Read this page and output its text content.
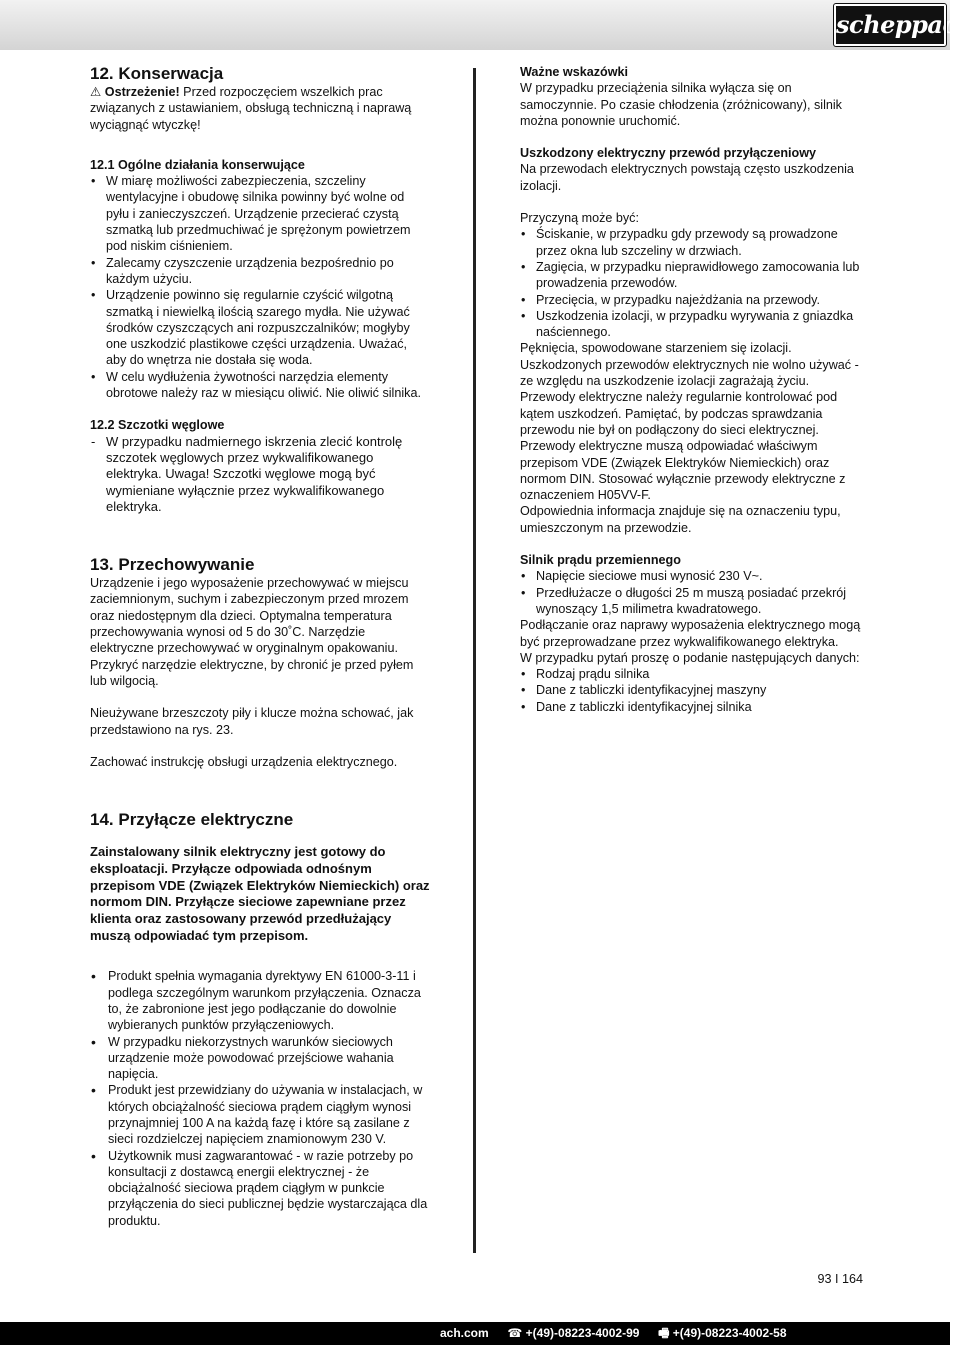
scheppach

12. Konserwacja

⚠ Ostrzeżenie! Przed rozpoczęciem wszelkich prac związanych z ustawianiem, obsługą techniczną i naprawą wyciągnąć wtyczkę!

12.1 Ogólne działania konserwujące

• W miarę możliwości zabezpieczenia, szczeliny wentylacyjne i obudowę silnika powinny być wolne od pyłu i zanieczyszczeń. Urządzenie przecierać czystą szmatką lub przedmuchiwać je sprężonym powietrzem pod niskim ciśnieniem.
• Zalecamy czyszczenie urządzenia bezpośrednio po każdym użyciu.
• Urządzenie powinno się regularnie czyścić wilgotną szmatką i niewielką ilością szarego mydła. Nie używać środków czyszczących ani rozpuszczalników; mogłyby one uszkodzić plastikowe części urządzenia. Uważać, aby do wnętrza nie dostała się woda.
• W celu wydłużenia żywotności narzędzia elementy obrotowe należy raz w miesiącu oliwić. Nie oliwić silnika.

12.2 Szczotki węglowe

- W przypadku nadmiernego iskrzenia zlecić kontrolę szczotek węglowych przez wykwalifikowanego elektryka. Uwaga! Szczotki węglowe mogą być wymieniane wyłącznie przez wykwalifikowanego elektryka.

13. Przechowywanie

Urządzenie i jego wyposażenie przechowywać w miejscu zaciemnionym, suchym i zabezpieczonym przed mrozem oraz niedostępnym dla dzieci. Optymalna temperatura przechowywania wynosi od 5 do 30˚C. Narzędzie elektryczne przechowywać w oryginalnym opakowaniu.

Przykryć narzędzie elektryczne, by chronić je przed pyłem lub wilgocią.

Nieużywane brzeszczoty piły i klucze można schować, jak przedstawiono na rys. 23.

Zachować instrukcję obsługi urządzenia elektrycznego.

14. Przyłącze elektryczne

Zainstalowany silnik elektryczny jest gotowy do eksploatacji. Przyłącze odpowiada odnośnym przepisom VDE (Związek Elektryków Niemieckich) oraz normom DIN. Przyłącze sieciowe zapewniane przez klienta oraz zastosowany przewód przedłużający muszą odpowiadać tym przepisom.

• Produkt spełnia wymagania dyrektywy EN 61000-3-11 i podlega szczególnym warunkom przyłączenia. Oznacza to, że zabronione jest jego podłączanie do dowolnie wybieranych punktów przyłączeniowych.
• W przypadku niekorzystnych warunków sieciowych urządzenie może powodować przejściowe wahania napięcia.
• Produkt jest przewidziany do używania w instalacjach, w których obciążalność sieciowa prądem ciągłym wynosi przynajmniej 100 A na każdą fazę i które są zasilane z sieci rozdzielczej napięciem znamionowym 230 V.
• Użytkownik musi zagwarantować - w razie potrzeby po konsultacji z dostawcą energii elektrycznej - że obciążalność sieciowa prądem ciągłym w punkcie przyłączenia do sieci publicznej będzie wystarczająca dla produktu.

Ważne wskazówki

W przypadku przeciążenia silnika wyłącza się on samoczynnie. Po czasie chłodzenia (zróżnicowany), silnik można ponownie uruchomić.

Uszkodzony elektryczny przewód przyłączeniowy

Na przewodach elektrycznych powstają często uszkodzenia izolacji.

Przyczyną może być:

• Ściskanie, w przypadku gdy przewody są prowadzone przez okna lub szczeliny w drzwiach.
• Zagięcia, w przypadku nieprawidłowego zamocowania lub prowadzenia przewodów.
• Przecięcia, w przypadku najeżdżania na przewody.
• Uszkodzenia izolacji, w przypadku wyrywania z gniazdka naściennego.

Pęknięcia, spowodowane starzeniem się izolacji.

Uszkodzonych przewodów elektrycznych nie wolno używać - ze względu na uszkodzenie izolacji zagrażają życiu.

Przewody elektryczne należy regularnie kontrolować pod kątem uszkodzeń. Pamiętać, by podczas sprawdzania przewodu nie był on podłączony do sieci elektrycznej.

Przewody elektryczne muszą odpowiadać właściwym przepisom VDE (Związek Elektryków Niemieckich) oraz normom DIN. Stosować wyłącznie przewody elektryczne z oznaczeniem H05VV-F.

Odpowiednia informacja znajduje się na oznaczeniu typu, umieszczonym na przewodzie.

Silnik prądu przemiennego

• Napięcie sieciowe musi wynosić 230 V~.
• Przedłużacze o długości 25 m muszą posiadać przekrój wynoszący 1,5 milimetra kwadratowego.

Podłączanie oraz naprawy wyposażenia elektrycznego mogą być przeprowadzane przez wykwalifikowanego elektryka.

W przypadku pytań proszę o podanie następujących danych:

• Rodzaj prądu silnika
• Dane z tabliczki identyfikacyjnej maszyny
• Dane z tabliczki identyfikacyjnej silnika
93 I 164
ach.com ☎ +(49)-08223-4002-99 🖷 +(49)-08223-4002-58
